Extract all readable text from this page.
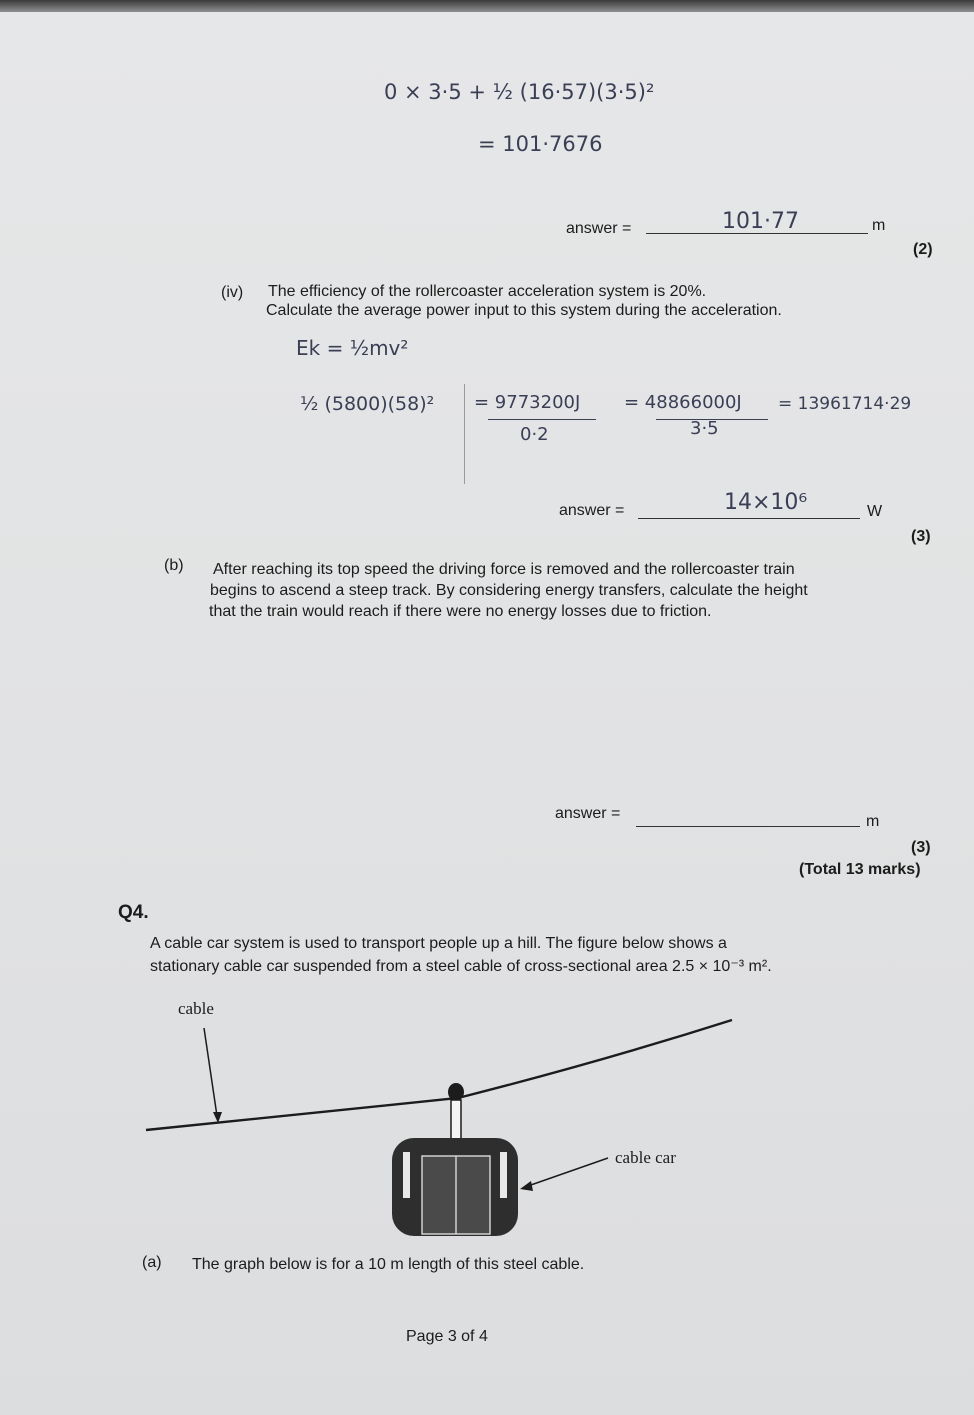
0 × 3·5 + ½ (16·57)(3·5)²
= 101·7676
answer =	101·77	m
(2)
(iv) The efficiency of the rollercoaster acceleration system is 20%.
Calculate the average power input to this system during the acceleration.
Ek = ½mv²
½ (5800)(58)² = 9773200J
0·2
= 48866000J
3·5
= 13961714·29
answer =	14×10⁶	W
(3)
(b) After reaching its top speed the driving force is removed and the rollercoaster train
begins to ascend a steep track. By considering energy transfers, calculate the height
that the train would reach if there were no energy losses due to friction.
answer =	m
(3)
(Total 13 marks)
Q4.
A cable car system is used to transport people up a hill. The figure below shows a
stationary cable car suspended from a steel cable of cross-sectional area 2.5 × 10⁻³ m².
cable
cable car
(a) The graph below is for a 10 m length of this steel cable.
Page 3 of 4
